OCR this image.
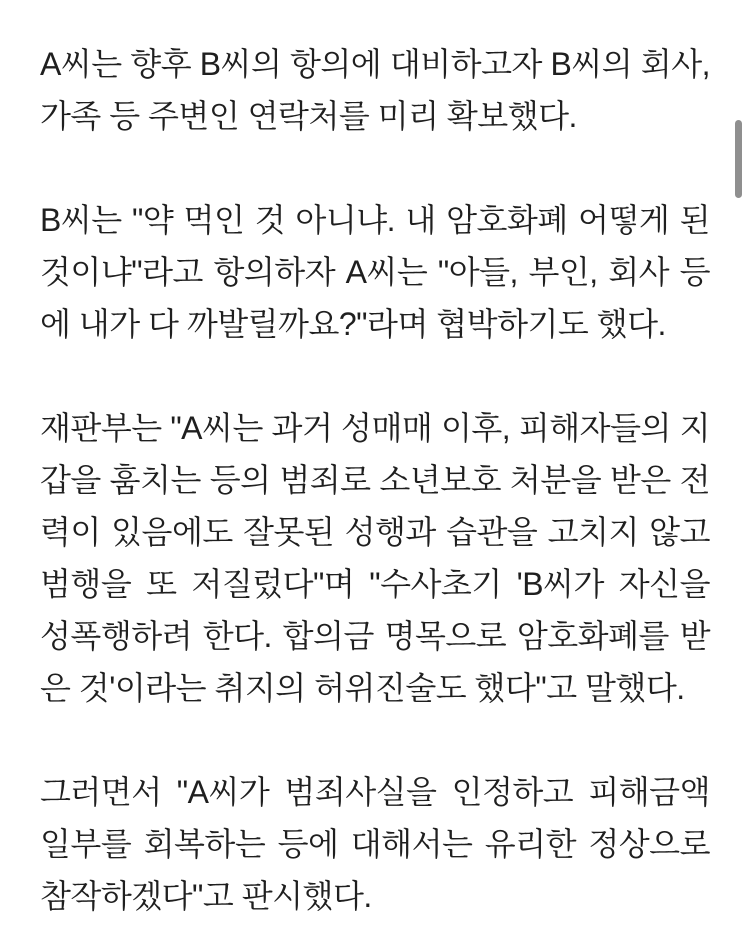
A씨는 향후 B씨의 항의에 대비하고자 B씨의 회사, 가족 등 주변인 연락처를 미리 확보했다.

B씨는 "약 먹인 것 아니냐. 내 암호화폐 어떻게 된 것이냐"라고 항의하자 A씨는 "아들, 부인, 회사 등에 내가 다 까발릴까요?"라며 협박하기도 했다.

재판부는 "A씨는 과거 성매매 이후, 피해자들의 지갑을 훔치는 등의 범죄로 소년보호 처분을 받은 전력이 있음에도 잘못된 성행과 습관을 고치지 않고 범행을 또 저질렀다"며 "수사초기 'B씨가 자신을 성폭행하려 한다. 합의금 명목으로 암호화폐를 받은 것'이라는 취지의 허위진술도 했다"고 말했다.

그러면서 "A씨가 범죄사실을 인정하고 피해금액 일부를 회복하는 등에 대해서는 유리한 정상으로 참작하겠다"고 판시했다.
